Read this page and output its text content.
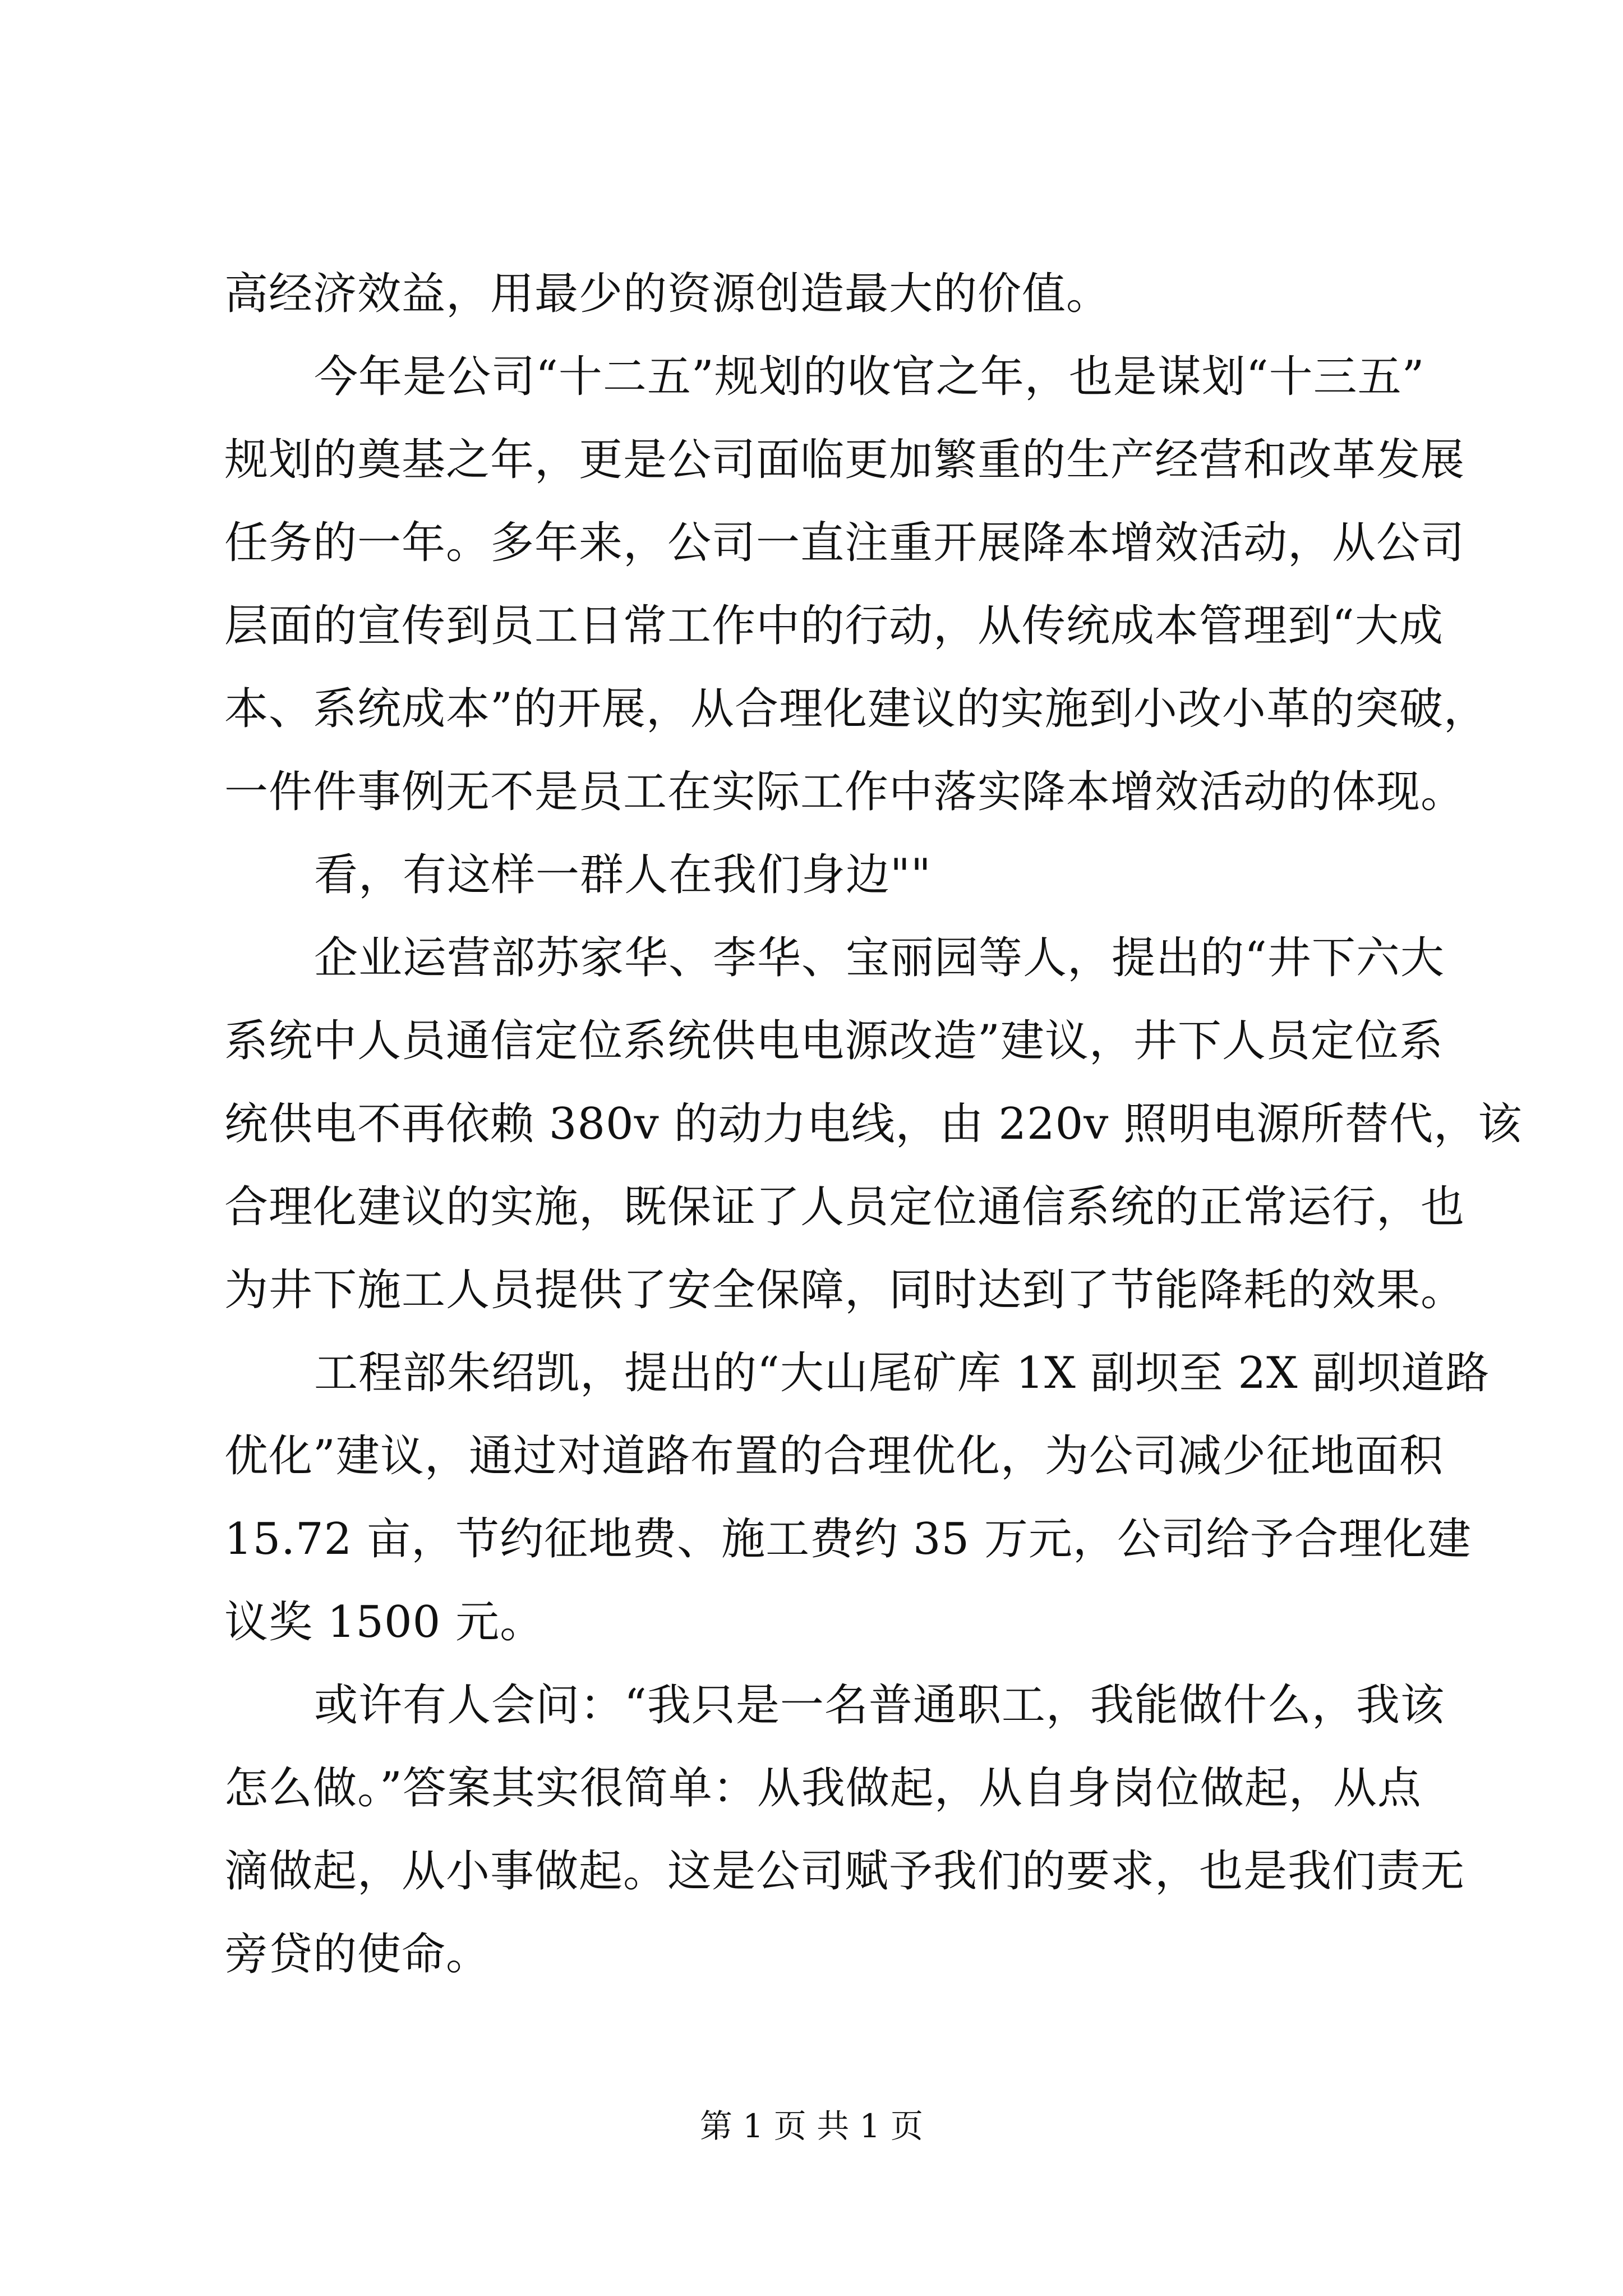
高经济效益，用最少的资源创造最大的价值。
今年是公司“十二五”规划的收官之年，也是谋划“十三五”
规划的奠基之年，更是公司面临更加繁重的生产经营和改革发展
任务的一年。多年来，公司一直注重开展降本增效活动，从公司
层面的宣传到员工日常工作中的行动，从传统成本管理到“大成
本、系统成本”的开展，从合理化建议的实施到小改小革的突破，
一件件事例无不是员工在实际工作中落实降本增效活动的体现。
看，有这样一群人在我们身边""
企业运营部苏家华、李华、宝丽园等人，提出的“井下六大
系统中人员通信定位系统供电电源改造”建议，井下人员定位系
统供电不再依赖 380v 的动力电线，由 220v 照明电源所替代，该
合理化建议的实施，既保证了人员定位通信系统的正常运行，也
为井下施工人员提供了安全保障，同时达到了节能降耗的效果。
工程部朱绍凯，提出的“大山尾矿库 1X 副坝至 2X 副坝道路
优化”建议，通过对道路布置的合理优化，为公司减少征地面积
15.72 亩，节约征地费、施工费约 35 万元，公司给予合理化建
议奖 1500 元。
或许有人会问：“我只是一名普通职工，我能做什么，我该
怎么做。”答案其实很简单：从我做起，从自身岗位做起，从点
滴做起，从小事做起。这是公司赋予我们的要求，也是我们责无
旁贷的使命。
第 1 页 共 1 页
